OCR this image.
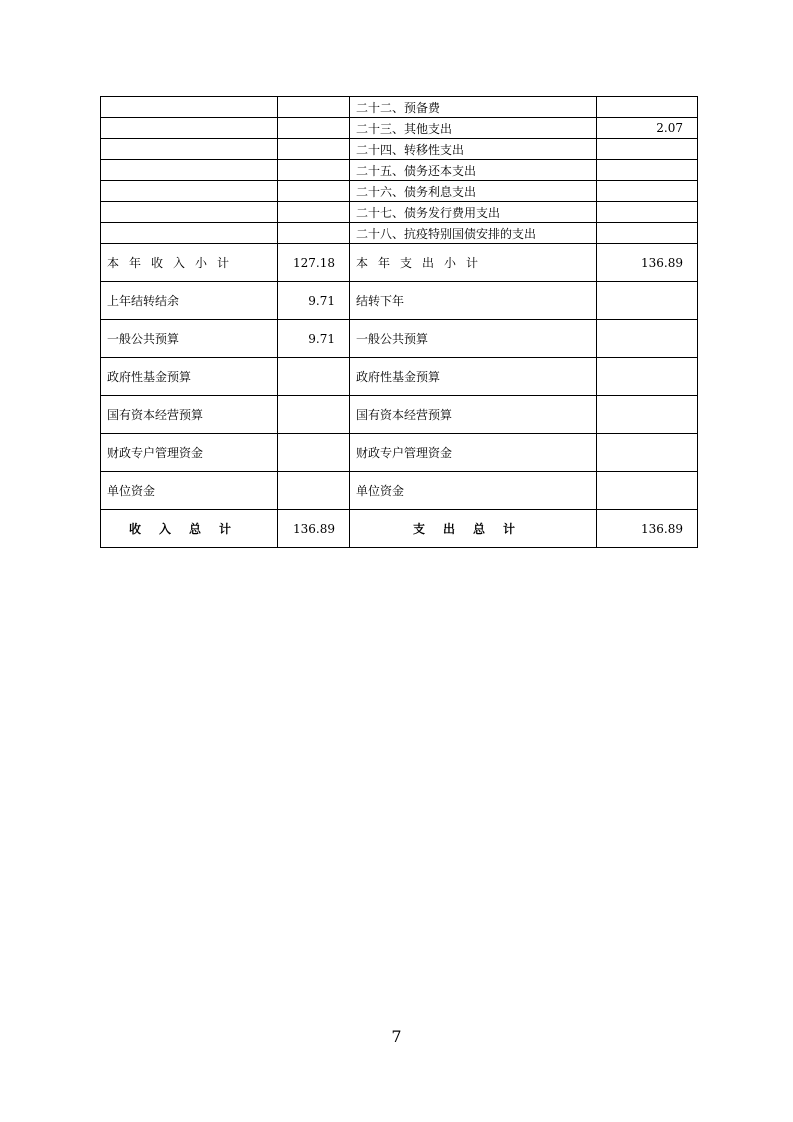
		二十二、预备费	
		二十三、其他支出	2.07
		二十四、转移性支出	
		二十五、债务还本支出	
		二十六、债务利息支出	
		二十七、债务发行费用支出	
		二十八、抗疫特别国债安排的支出	
本年收入小计	127.18	本年支出小计	136.89
上年结转结余	9.71	结转下年	
一般公共预算	9.71	一般公共预算	
政府性基金预算		政府性基金预算	
国有资本经营预算		国有资本经营预算	
财政专户管理资金		财政专户管理资金	
单位资金		单位资金	
收入总计	136.89	支出总计	136.89
7
